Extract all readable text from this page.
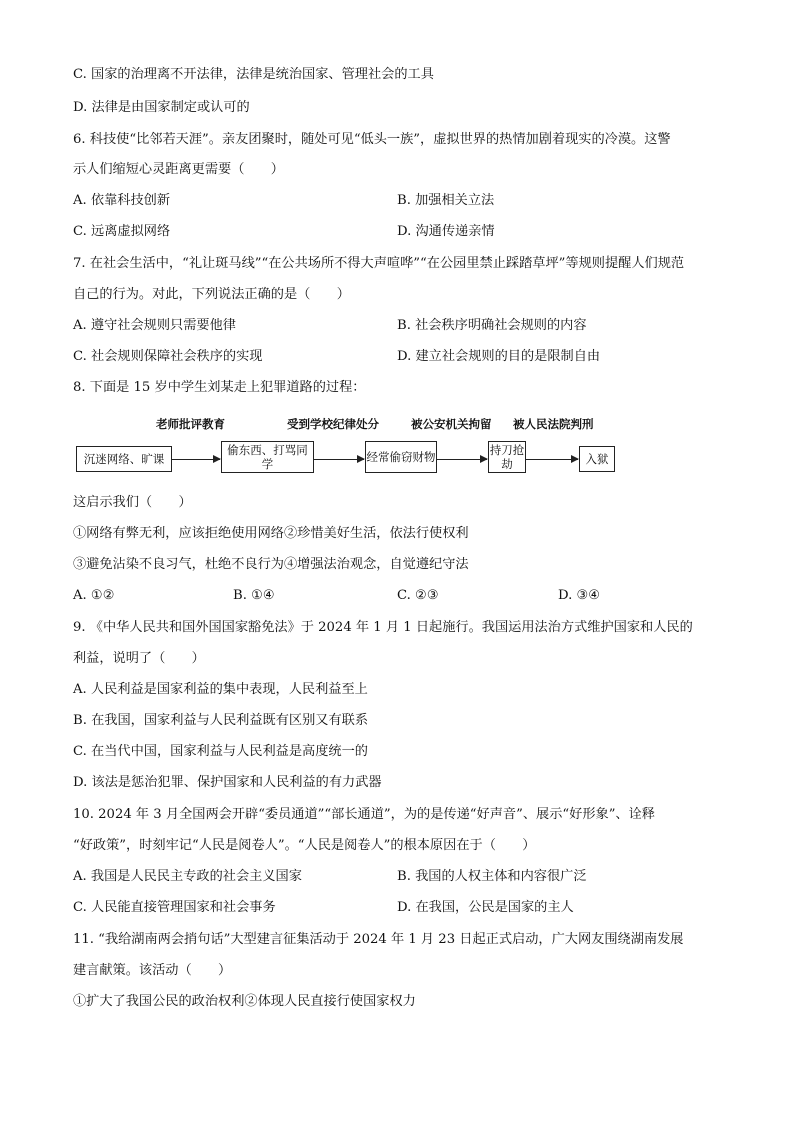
C. 国家的治理离不开法律，法律是统治国家、管理社会的工具
D. 法律是由国家制定或认可的
6. 科技使“比邻若天涯”。亲友团聚时，随处可见“低头一族”，虚拟世界的热情加剧着现实的冷漠。这警
示人们缩短心灵距离更需要（　　）
A. 依靠科技创新	B. 加强相关立法
C. 远离虚拟网络	D. 沟通传递亲情
7. 在社会生活中，“礼让斑马线”“在公共场所不得大声喧哗”“在公园里禁止踩踏草坪”等规则提醒人们规范
自己的行为。对此，下列说法正确的是（　　）
A. 遵守社会规则只需要他律	B. 社会秩序明确社会规则的内容
C. 社会规则保障社会秩序的实现	D. 建立社会规则的目的是限制自由
8. 下面是 15 岁中学生刘某走上犯罪道路的过程：
老师批评教育	受到学校纪律处分	被公安机关拘留 被人民法院判刑
沉迷网络、旷课
偷东西、打骂同学	经常偷窃财物	持刀抢劫	入狱
这启示我们（　　）
①网络有弊无利，应该拒绝使用网络②珍惜美好生活，依法行使权利
③避免沾染不良习气，杜绝不良行为④增强法治观念，自觉遵纪守法
A. ①②	B. ①④	C. ②③	D. ③④
9. 《中华人民共和国外国国家豁免法》于 2024 年 1 月 1 日起施行。我国运用法治方式维护国家和人民的
利益，说明了（　　）
A. 人民利益是国家利益的集中表现，人民利益至上
B. 在我国，国家利益与人民利益既有区别又有联系
C. 在当代中国，国家利益与人民利益是高度统一的
D. 该法是惩治犯罪、保护国家和人民利益的有力武器
10. 2024 年 3 月全国两会开辟“委员通道”“部长通道”，为的是传递“好声音”、展示“好形象”、诠释
“好政策”，时刻牢记“人民是阅卷人”。“人民是阅卷人”的根本原因在于（　　）
A. 我国是人民民主专政的社会主义国家	B. 我国的人权主体和内容很广泛
C. 人民能直接管理国家和社会事务	D. 在我国，公民是国家的主人
11. “我给湖南两会捎句话”大型建言征集活动于 2024 年 1 月 23 日起正式启动，广大网友围绕湖南发展
建言献策。该活动（　　）
①扩大了我国公民的政治权利②体现人民直接行使国家权力
